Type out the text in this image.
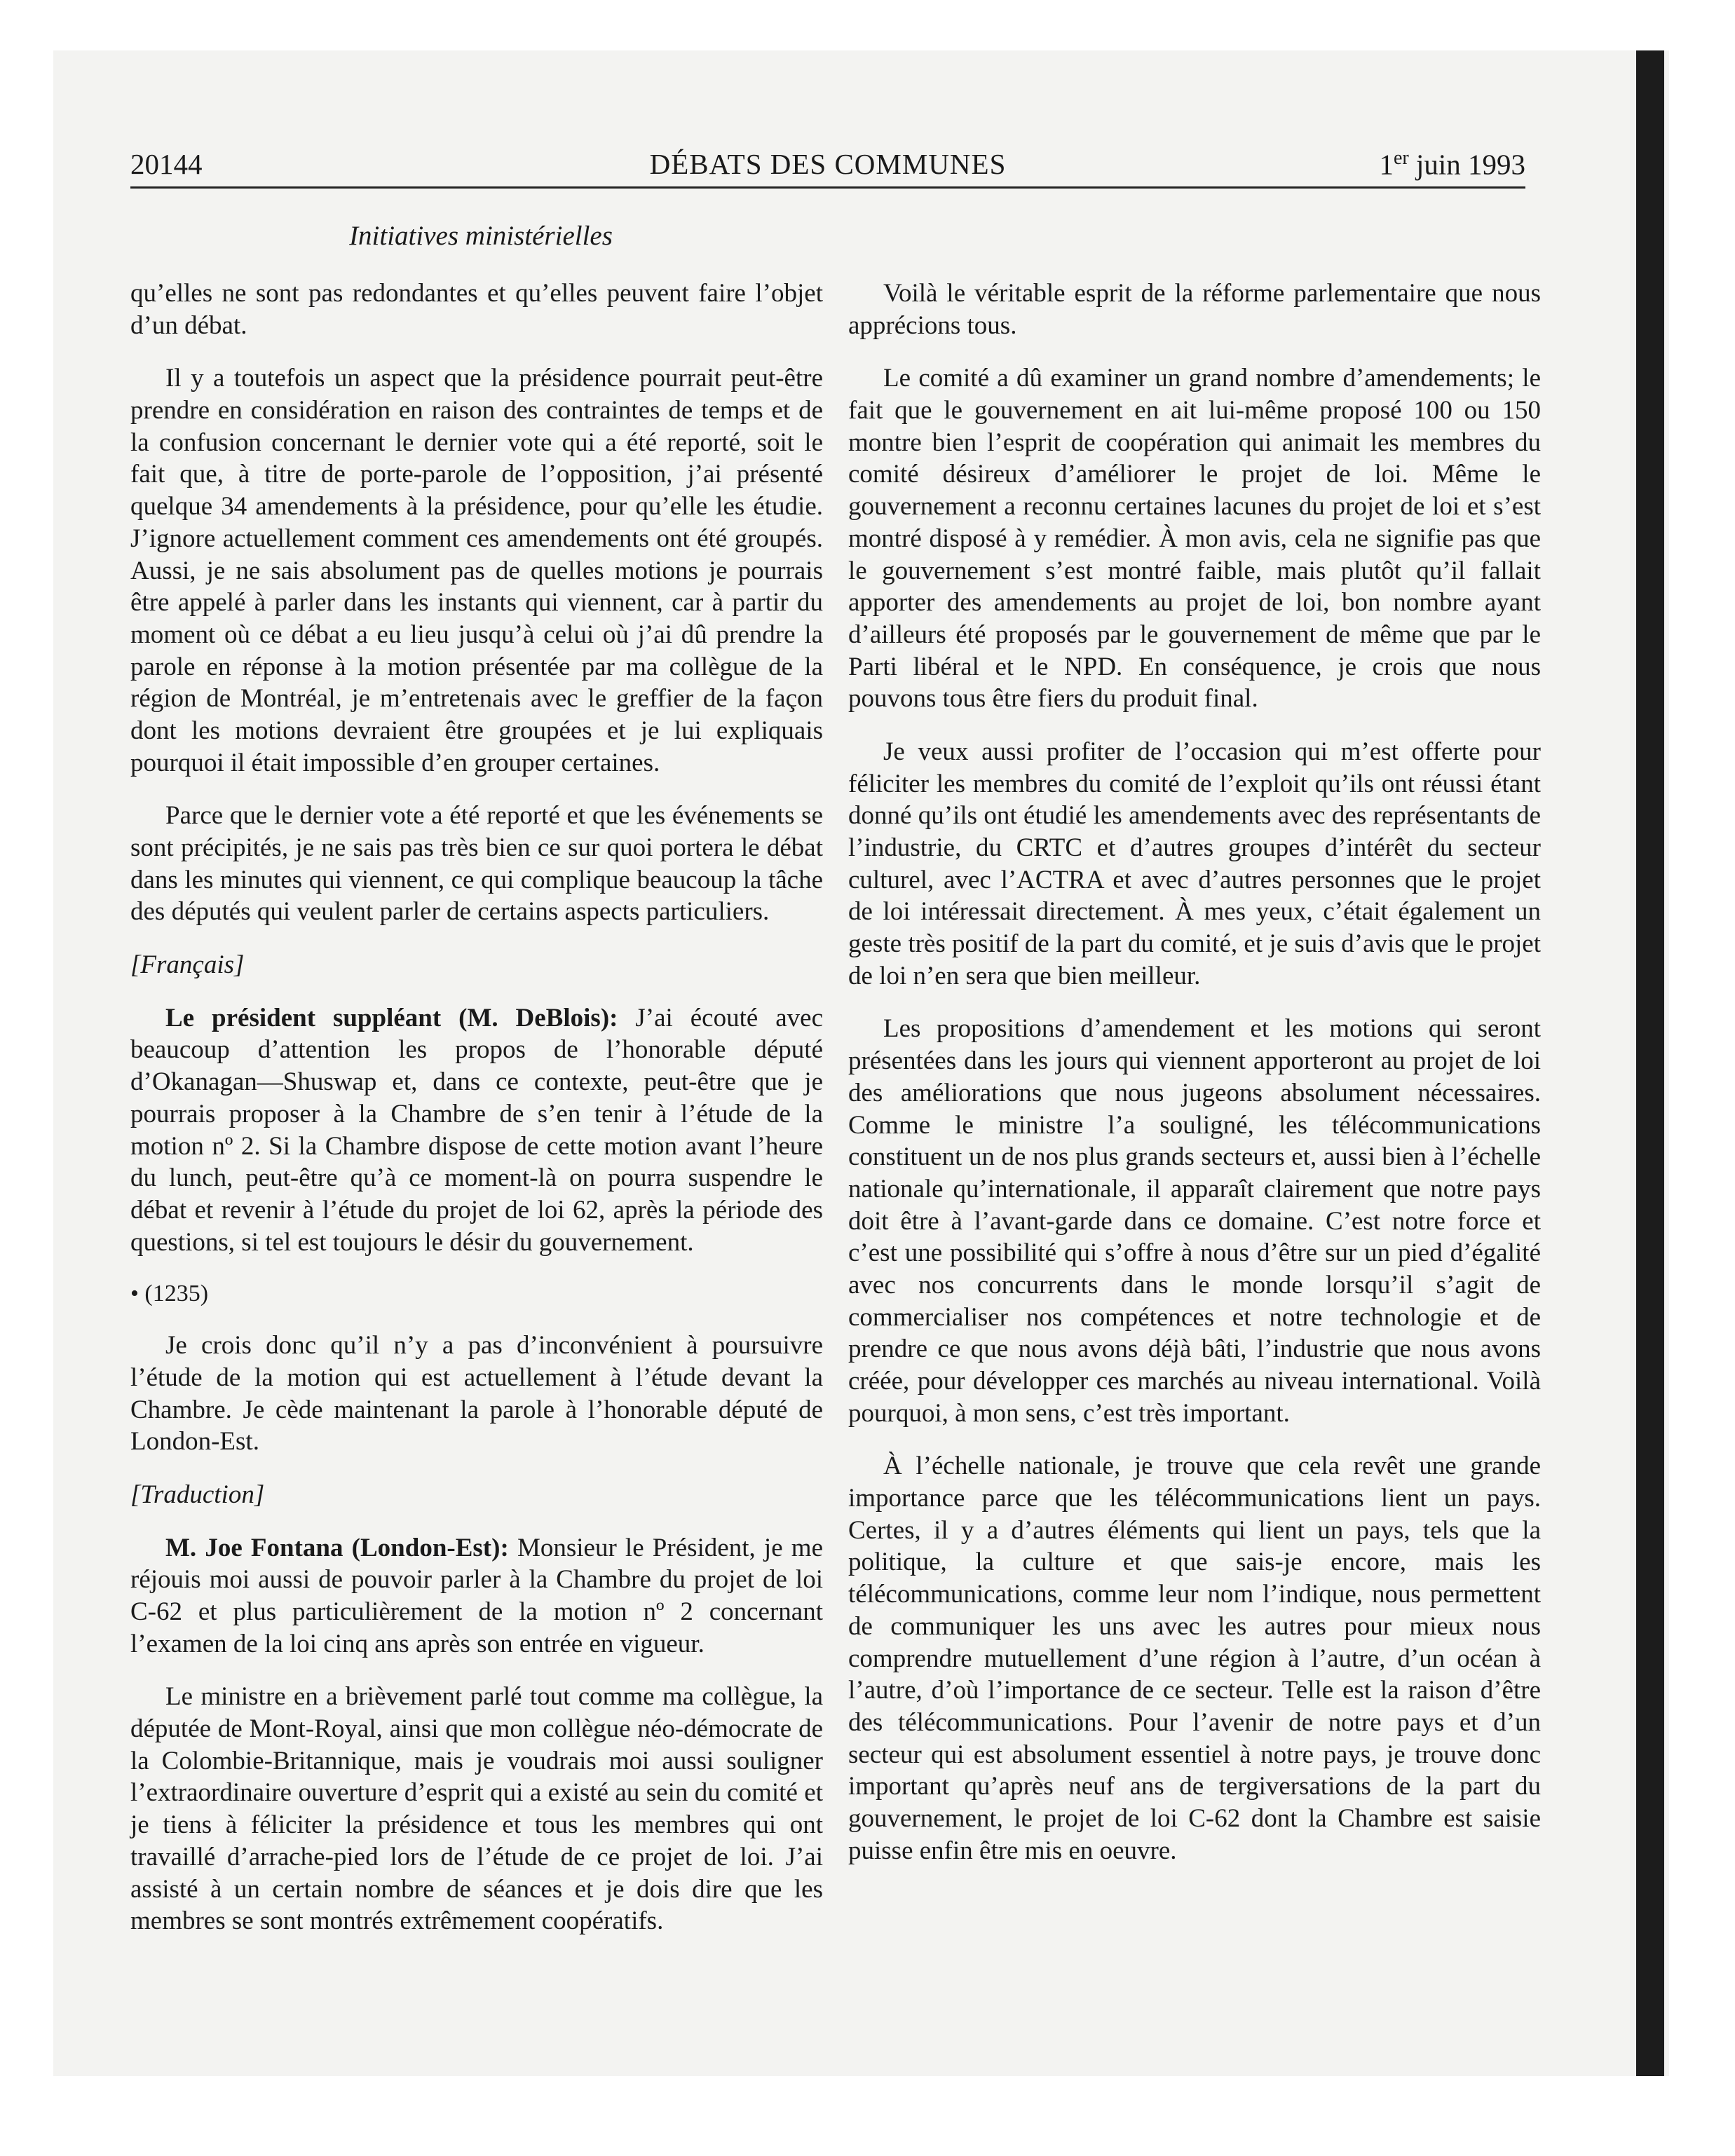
20144	DÉBATS DES COMMUNES	1er juin 1993
Initiatives ministérielles

qu’elles ne sont pas redondantes et qu’elles peuvent faire l’objet d’un débat.

Il y a toutefois un aspect que la présidence pourrait peut-être prendre en considération en raison des contraintes de temps et de la confusion concernant le dernier vote qui a été reporté, soit le fait que, à titre de porte-parole de l’opposition, j’ai présenté quelque 34 amendements à la présidence, pour qu’elle les étudie. J’ignore actuellement comment ces amendements ont été groupés. Aussi, je ne sais absolument pas de quelles motions je pourrais être appelé à parler dans les instants qui viennent, car à partir du moment où ce débat a eu lieu jusqu’à celui où j’ai dû prendre la parole en réponse à la motion présentée par ma collègue de la région de Montréal, je m’entretenais avec le greffier de la façon dont les motions devraient être groupées et je lui expliquais pourquoi il était impossible d’en grouper certaines.

Parce que le dernier vote a été reporté et que les événements se sont précipités, je ne sais pas très bien ce sur quoi portera le débat dans les minutes qui viennent, ce qui complique beaucoup la tâche des députés qui veulent parler de certains aspects particuliers.

[Français]

Le président suppléant (M. DeBlois): J’ai écouté avec beaucoup d’attention les propos de l’honorable député d’Okanagan—Shuswap et, dans ce contexte, peut-être que je pourrais proposer à la Chambre de s’en tenir à l’étude de la motion nº 2. Si la Chambre dispose de cette motion avant l’heure du lunch, peut-être qu’à ce moment-là on pourra suspendre le débat et revenir à l’étude du projet de loi 62, après la période des questions, si tel est toujours le désir du gouvernement.

• (1235)

Je crois donc qu’il n’y a pas d’inconvénient à poursuivre l’étude de la motion qui est actuellement à l’étude devant la Chambre. Je cède maintenant la parole à l’honorable député de London-Est.

[Traduction]

M. Joe Fontana (London-Est): Monsieur le Président, je me réjouis moi aussi de pouvoir parler à la Chambre du projet de loi C-62 et plus particulièrement de la motion nº 2 concernant l’examen de la loi cinq ans après son entrée en vigueur.

Le ministre en a brièvement parlé tout comme ma collègue, la députée de Mont-Royal, ainsi que mon collègue néo-démocrate de la Colombie-Britannique, mais je voudrais moi aussi souligner l’extraordinaire ouverture d’esprit qui a existé au sein du comité et je tiens à féliciter la présidence et tous les membres qui ont travaillé d’arrache-pied lors de l’étude de ce projet de loi. J’ai assisté à un certain nombre de séances et je dois dire que les membres se sont montrés extrêmement coopératifs.

Voilà le véritable esprit de la réforme parlementaire que nous apprécions tous.

Le comité a dû examiner un grand nombre d’amendements; le fait que le gouvernement en ait lui-même proposé 100 ou 150 montre bien l’esprit de coopération qui animait les membres du comité désireux d’améliorer le projet de loi. Même le gouvernement a reconnu certaines lacunes du projet de loi et s’est montré disposé à y remédier. À mon avis, cela ne signifie pas que le gouvernement s’est montré faible, mais plutôt qu’il fallait apporter des amendements au projet de loi, bon nombre ayant d’ailleurs été proposés par le gouvernement de même que par le Parti libéral et le NPD. En conséquence, je crois que nous pouvons tous être fiers du produit final.

Je veux aussi profiter de l’occasion qui m’est offerte pour féliciter les membres du comité de l’exploit qu’ils ont réussi étant donné qu’ils ont étudié les amendements avec des représentants de l’industrie, du CRTC et d’autres groupes d’intérêt du secteur culturel, avec l’ACTRA et avec d’autres personnes que le projet de loi intéressait directement. À mes yeux, c’était également un geste très positif de la part du comité, et je suis d’avis que le projet de loi n’en sera que bien meilleur.

Les propositions d’amendement et les motions qui seront présentées dans les jours qui viennent apporteront au projet de loi des améliorations que nous jugeons absolument nécessaires. Comme le ministre l’a souligné, les télécommunications constituent un de nos plus grands secteurs et, aussi bien à l’échelle nationale qu’internationale, il apparaît clairement que notre pays doit être à l’avant-garde dans ce domaine. C’est notre force et c’est une possibilité qui s’offre à nous d’être sur un pied d’égalité avec nos concurrents dans le monde lorsqu’il s’agit de commercialiser nos compétences et notre technologie et de prendre ce que nous avons déjà bâti, l’industrie que nous avons créée, pour développer ces marchés au niveau international. Voilà pourquoi, à mon sens, c’est très important.

À l’échelle nationale, je trouve que cela revêt une grande importance parce que les télécommunications lient un pays. Certes, il y a d’autres éléments qui lient un pays, tels que la politique, la culture et que sais-je encore, mais les télécommunications, comme leur nom l’indique, nous permettent de communiquer les uns avec les autres pour mieux nous comprendre mutuellement d’une région à l’autre, d’un océan à l’autre, d’où l’importance de ce secteur. Telle est la raison d’être des télécommunications. Pour l’avenir de notre pays et d’un secteur qui est absolument essentiel à notre pays, je trouve donc important qu’après neuf ans de tergiversations de la part du gouvernement, le projet de loi C-62 dont la Chambre est saisie puisse enfin être mis en oeuvre.
